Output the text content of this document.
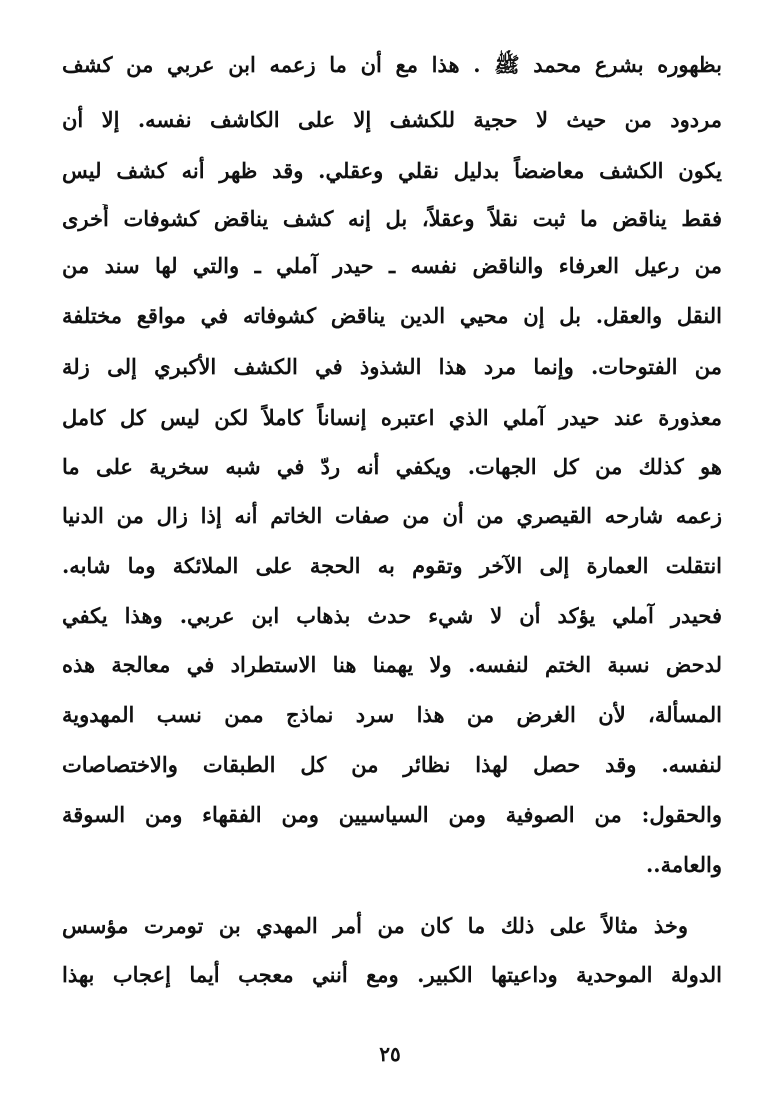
بظهوره بشرع محمد ﷺ . هذا مع أن ما زعمه ابن عربي من كشف
مردود من حيث لا حجية للكشف إلا على الكاشف نفسه. إلا أن
يكون الكشف معاضضاً بدليل نقلي وعقلي. وقد ظهر أنه كشف ليس
فقط يناقض ما ثبت نقلاً وعقلاً، بل إنه كشف يناقض كشوفات أُخرى
من رعيل العرفاء والناقض نفسه ـ حيدر آملي ـ والتي لها سند من
النقل والعقل. بل إن محيي الدين يناقض كشوفاته في مواقع مختلفة
من الفتوحات. وإنما مرد هذا الشذوذ في الكشف الأكبري إلى زلة
معذورة عند حيدر آملي الذي اعتبره إنساناً كاملاً لكن ليس كل كامل
هو كذلك من كل الجهات. ويكفي أنه ردّ في شبه سخرية على ما
زعمه شارحه القيصري من أن من صفات الخاتم أنه إذا زال من الدنيا
انتقلت العمارة إلى الآخر وتقوم به الحجة على الملائكة وما شابه.
فحيدر آملي يؤكد أن لا شيء حدث بذهاب ابن عربي. وهذا يكفي
لدحض نسبة الختم لنفسه. ولا يهمنا هنا الاستطراد في معالجة هذه
المسألة، لأن الغرض من هذا سرد نماذج ممن نسب المهدوية
لنفسه. وقد حصل لهذا نظائر من كل الطبقات والاختصاصات
والحقول: من الصوفية ومن السياسيين ومن الفقهاء ومن السوقة
والعامة..
وخذ مثالاً على ذلك ما كان من أمر المهدي بن تومرت مؤسس
الدولة الموحدية وداعيتها الكبير. ومع أنني معجب أيما إعجاب بهذا
٢٥
